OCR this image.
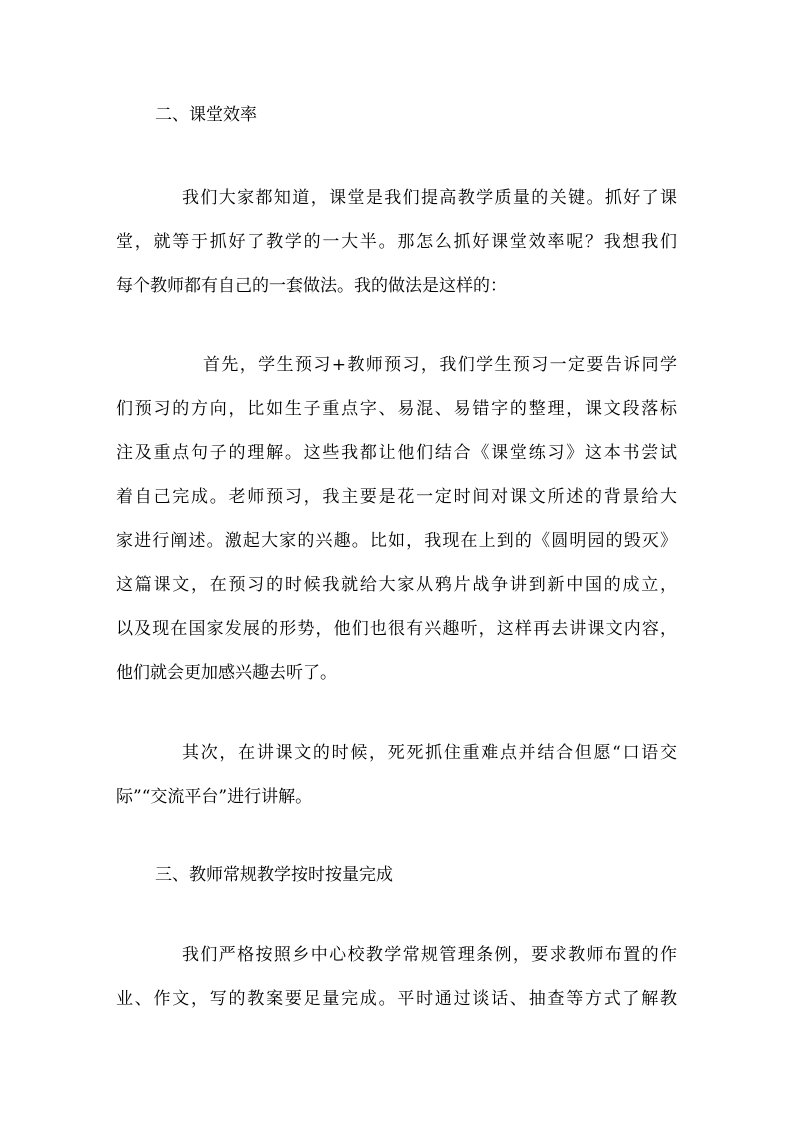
二、课堂效率
我们大家都知道，课堂是我们提高教学质量的关键。抓好了课
堂，就等于抓好了教学的一大半。那怎么抓好课堂效率呢？我想我们
每个教师都有自己的一套做法。我的做法是这样的：
首先，学生预习+教师预习，我们学生预习一定要告诉同学
们预习的方向，比如生子重点字、易混、易错字的整理，课文段落标
注及重点句子的理解。这些我都让他们结合《课堂练习》这本书尝试
着自己完成。老师预习，我主要是花一定时间对课文所述的背景给大
家进行阐述。激起大家的兴趣。比如，我现在上到的《圆明园的毁灭》
这篇课文，在预习的时候我就给大家从鸦片战争讲到新中国的成立，
以及现在国家发展的形势，他们也很有兴趣听，这样再去讲课文内容，
他们就会更加感兴趣去听了。
其次，在讲课文的时候，死死抓住重难点并结合但愿“口语交
际”“交流平台”进行讲解。
三、教师常规教学按时按量完成
我们严格按照乡中心校教学常规管理条例，要求教师布置的作
业、作文，写的教案要足量完成。平时通过谈话、抽查等方式了解教
